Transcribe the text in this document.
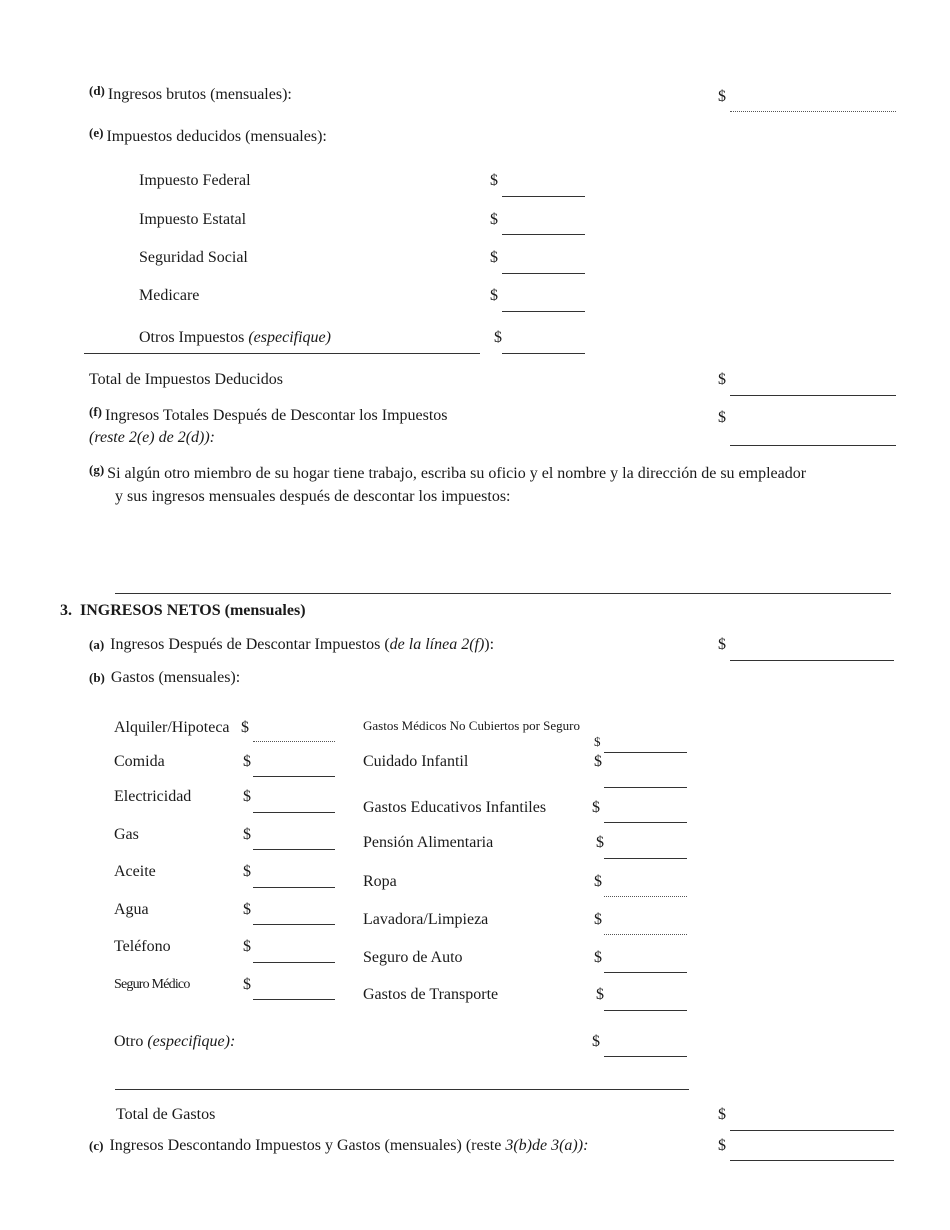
$^{(d)}$ Ingresos brutos (mensuales):	$
$^{(e)}$ Impuestos deducidos (mensuales):
Impuesto Federal	$
Impuesto Estatal	$
Seguridad Social	$
Medicare	$
Otros Impuestos (especifique)	$
Total de Impuestos Deducidos	$
$^{(f)}$ Ingresos Totales Después de Descontar los Impuestos
(reste 2(e) de 2(d)):
$
$^{(g)}$ Si algún otro miembro de su hogar tiene trabajo, escriba su oficio y el nombre y la dirección de su empleador
y sus ingresos mensuales después de descontar los impuestos:
3. INGRESOS NETOS (mensuales)
(a) Ingresos Después de Descontar Impuestos (de la línea 2(f)):	$
(b) Gastos (mensuales):
Alquiler/Hipoteca $
Comida	$
Electricidad	$
Gas	$
Aceite	$
Agua	$
Teléfono	$
Seguro Médico	$
Gastos Médicos No Cubiertos por Seguro
$
Cuidado Infantil	$
Gastos Educativos Infantiles	$
Pensión Alimentaria	$
Ropa	$
Lavadora/Limpieza	$
Seguro de Auto	$
Gastos de Transporte	$
Otro (especifique):	$
Total de Gastos	$
(c) Ingresos Descontando Impuestos y Gastos (mensuales) (reste 3(b)de 3(a)):	$
